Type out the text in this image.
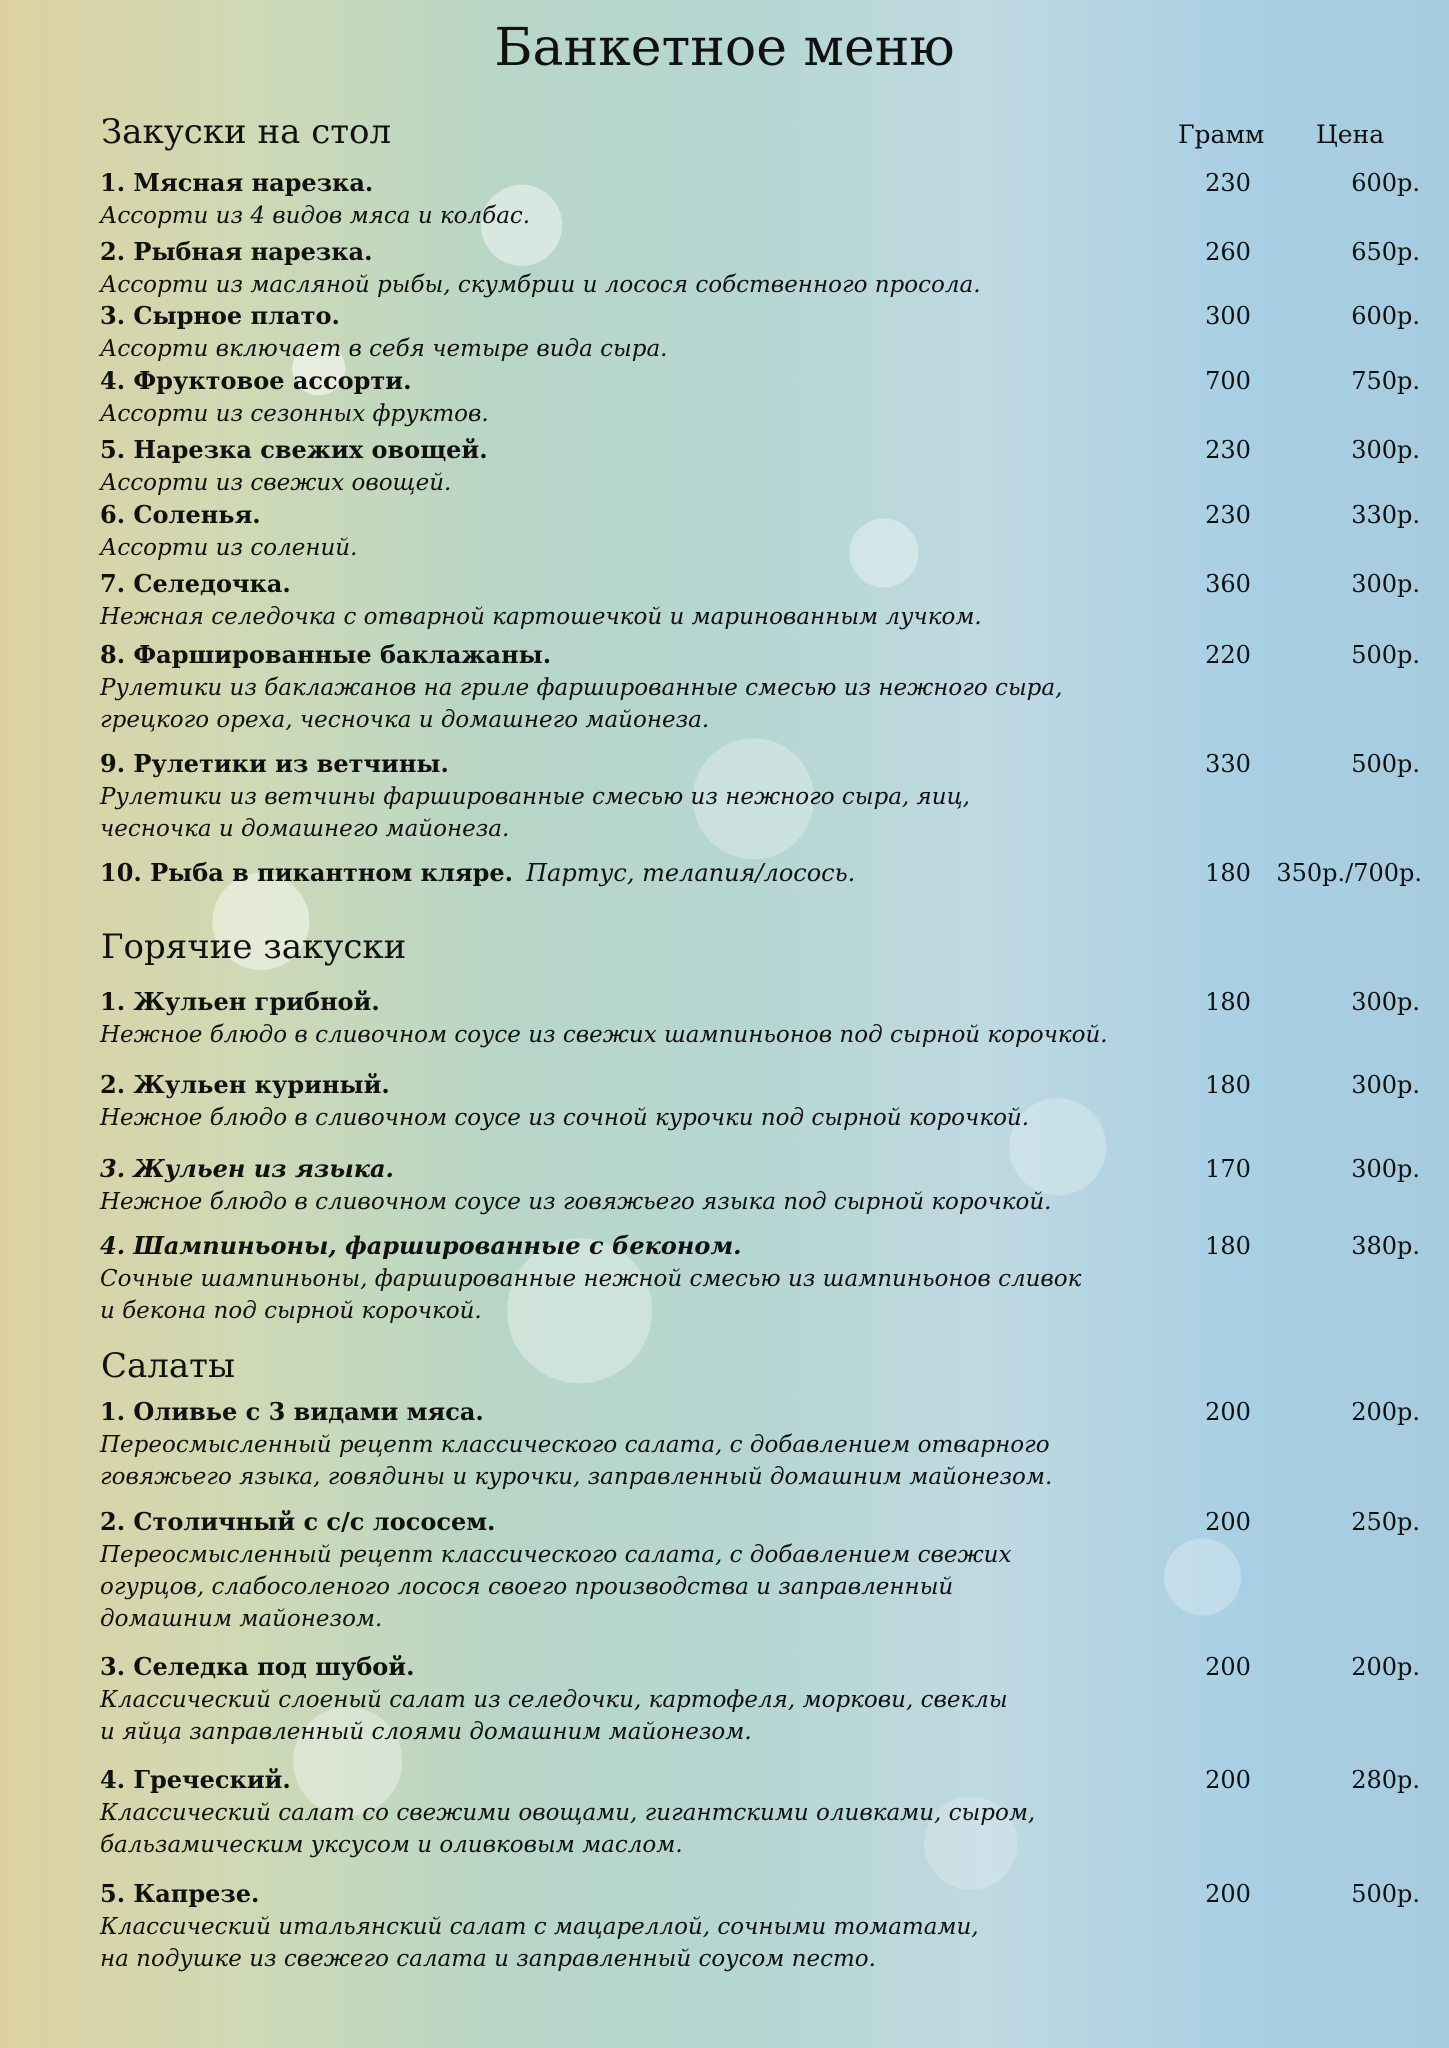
Банкетное меню
Закуски на стол	Грамм Цена
1. Мясная нарезка.	230	600р.
Ассорти из 4 видов мяса и колбас.
2. Рыбная нарезка.	260	650р.
Ассорти из масляной рыбы, скумбрии и лосося собственного просола.
3. Сырное плато.	300	600р.
Ассорти включает в себя четыре вида сыра.
4. Фруктовое ассорти.	700	750р.
Ассорти из сезонных фруктов.
5. Нарезка свежих овощей.	230	300р.
Ассорти из свежих овощей.
6. Соленья.	230	330р.
Ассорти из солений.
7. Селедочка.	360	300р.
Нежная селедочка с отварной картошечкой и маринованным лучком.
8. Фаршированные баклажаны.	220	500р.
Рулетики из баклажанов на гриле фаршированные смесью из нежного сыра,
грецкого ореха, чесночка и домашнего майонеза.
9. Рулетики из ветчины.	330	500р.
Рулетики из ветчины фаршированные смесью из нежного сыра, яиц,
чесночка и домашнего майонеза.
10. Рыба в пикантном кляре. Партус, телапия/лосось.	180	350р./700р.
Горячие закуски
1. Жульен грибной.	180	300р.
Нежное блюдо в сливочном соусе из свежих шампиньонов под сырной корочкой.
2. Жульен куриный.	180	300р.
Нежное блюдо в сливочном соусе из сочной курочки под сырной корочкой.
3. Жульен из языка.	170	300р.
Нежное блюдо в сливочном соусе из говяжьего языка под сырной корочкой.
4. Шампиньоны, фаршированные с беконом.	180	380р.
Сочные шампиньоны, фаршированные нежной смесью из шампиньонов сливок
и бекона под сырной корочкой.
Салаты
1. Оливье с 3 видами мяса.	200	200р.
Переосмысленный рецепт классического салата, с добавлением отварного
говяжьего языка, говядины и курочки, заправленный домашним майонезом.
2. Столичный с с/с лососем.	200	250р.
Переосмысленный рецепт классического салата, с добавлением свежих
огурцов, слабосоленого лосося своего производства и заправленный
домашним майонезом.
3. Селедка под шубой.	200	200р.
Классический слоеный салат из селедочки, картофеля, моркови, свеклы
и яйца заправленный слоями домашним майонезом.
4. Греческий.	200	280р.
Классический салат со свежими овощами, гигантскими оливками, сыром,
бальзамическим уксусом и оливковым маслом.
5. Капрезе.	200	500р.
Классический итальянский салат с мацареллой, сочными томатами,
на подушке из свежего салата и заправленный соусом песто.
